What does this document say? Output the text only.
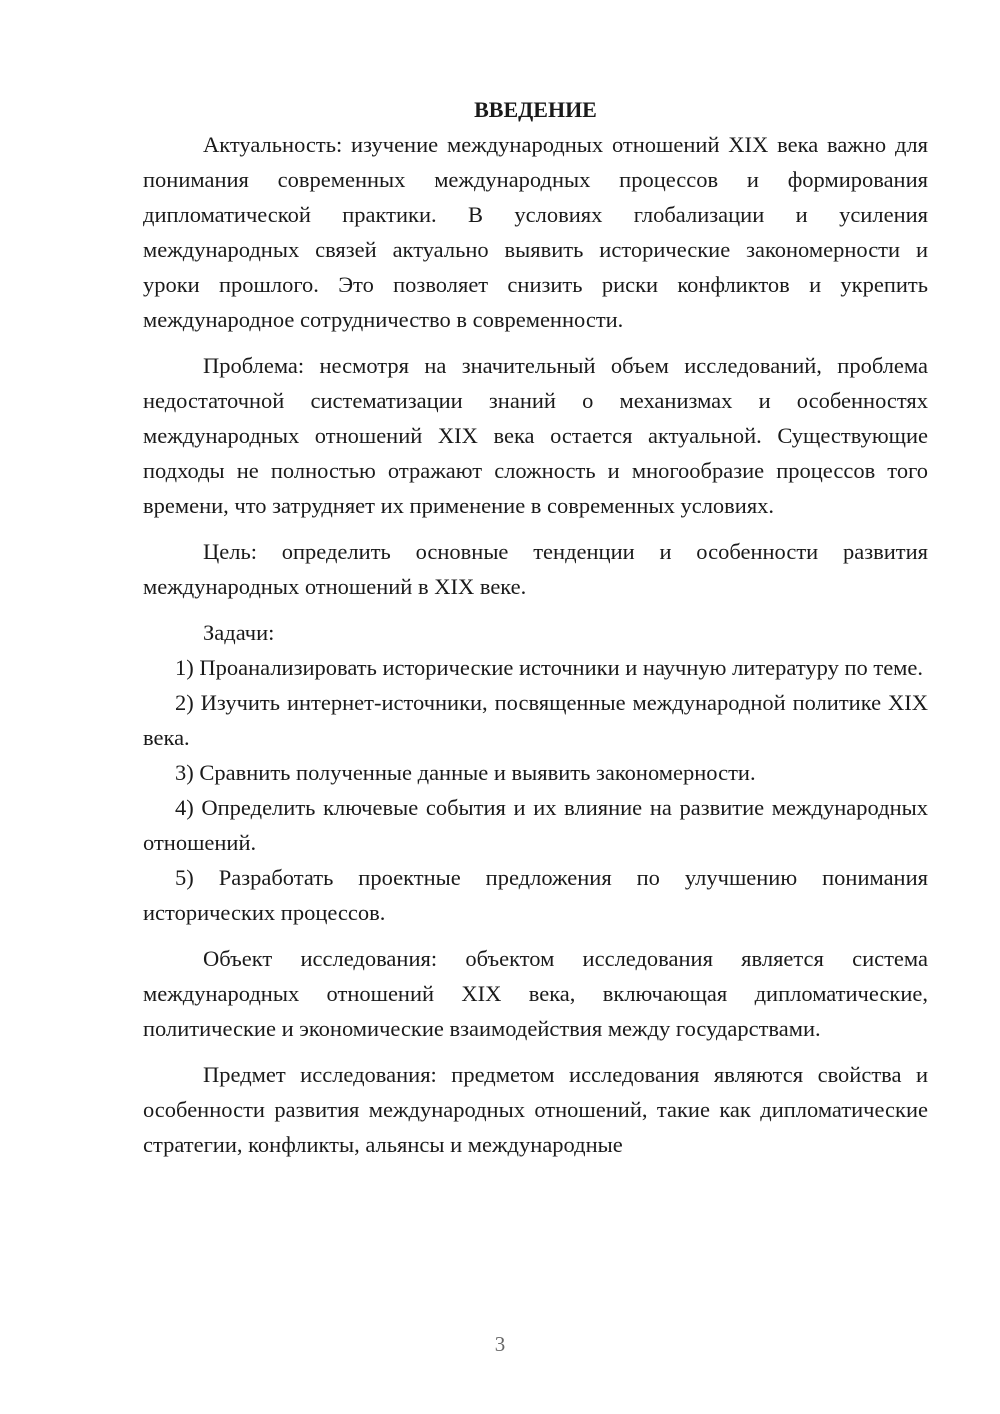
ВВЕДЕНИЕ

Актуальность: изучение международных отношений XIX века важно для понимания современных международных процессов и формирования дипломатической практики. В условиях глобализации и усиления международных связей актуально выявить исторические закономерности и уроки прошлого. Это позволяет снизить риски конфликтов и укрепить международное сотрудничество в современности.

Проблема: несмотря на значительный объем исследований, проблема недостаточной систематизации знаний о механизмах и особенностях международных отношений XIX века остается актуальной. Существующие подходы не полностью отражают сложность и многообразие процессов того времени, что затрудняет их применение в современных условиях.

Цель: определить основные тенденции и особенности развития международных отношений в XIX веке.

Задачи:

1) Проанализировать исторические источники и научную литературу по теме.

2) Изучить интернет-источники, посвященные международной политике XIX века.

3) Сравнить полученные данные и выявить закономерности.

4) Определить ключевые события и их влияние на развитие международных отношений.

5) Разработать проектные предложения по улучшению понимания исторических процессов.

Объект исследования: объектом исследования является система международных отношений XIX века, включающая дипломатические, политические и экономические взаимодействия между государствами.

Предмет исследования: предметом исследования являются свойства и особенности развития международных отношений, такие как дипломатические стратегии, конфликты, альянсы и международные

3
